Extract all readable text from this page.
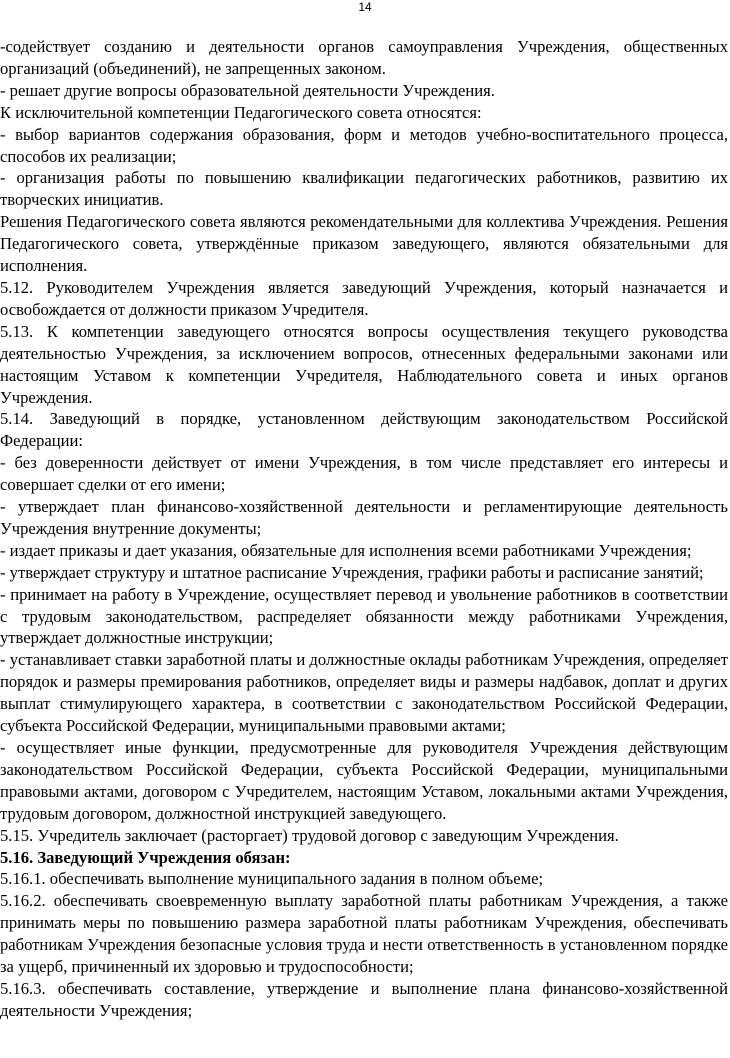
14

-содействует созданию и деятельности органов самоуправления Учреждения, общественных организаций (объединений), не запрещенных законом.

- решает другие вопросы образовательной деятельности Учреждения.

К исключительной компетенции Педагогического совета относятся:

- выбор вариантов содержания образования, форм и методов учебно-воспитательного процесса, способов их реализации;

- организация работы по повышению квалификации педагогических работников, развитию их творческих инициатив.

Решения Педагогического совета являются рекомендательными для коллектива Учреждения. Решения Педагогического совета, утверждённые приказом заведующего, являются обязательными для исполнения.

5.12. Руководителем Учреждения является заведующий Учреждения, который назначается и освобождается от должности приказом Учредителя.

5.13. К компетенции заведующего относятся вопросы осуществления текущего руководства деятельностью Учреждения, за исключением вопросов, отнесенных федеральными законами или настоящим Уставом к компетенции Учредителя, Наблюдательного совета и иных органов Учреждения.

5.14. Заведующий в порядке, установленном действующим законодательством Российской Федерации:

- без доверенности действует от имени Учреждения, в том числе представляет его интересы и совершает сделки от его имени;

- утверждает план финансово-хозяйственной деятельности и регламентирующие деятельность Учреждения внутренние документы;

- издает приказы и дает указания, обязательные для исполнения всеми работниками Учреждения;

- утверждает структуру и штатное расписание Учреждения, графики работы и расписание занятий;

- принимает на работу в Учреждение, осуществляет перевод и увольнение работников в соответствии с трудовым законодательством, распределяет обязанности между работниками Учреждения, утверждает должностные инструкции;

- устанавливает ставки заработной платы и должностные оклады работникам Учреждения, определяет порядок и размеры премирования работников, определяет виды и размеры надбавок, доплат и других выплат стимулирующего характера, в соответствии с законодательством Российской Федерации, субъекта Российской Федерации, муниципальными правовыми актами;

- осуществляет иные функции, предусмотренные для руководителя Учреждения действующим законодательством Российской Федерации, субъекта Российской Федерации, муниципальными правовыми актами, договором с Учредителем, настоящим Уставом, локальными актами Учреждения, трудовым договором, должностной инструкцией заведующего.

5.15. Учредитель заключает (расторгает) трудовой договор с заведующим Учреждения.

5.16. Заведующий Учреждения обязан:

5.16.1. обеспечивать выполнение муниципального задания в полном объеме;

5.16.2. обеспечивать своевременную выплату заработной платы работникам Учреждения, а также принимать меры по повышению размера заработной платы работникам Учреждения, обеспечивать работникам Учреждения безопасные условия труда и нести ответственность в установленном порядке за ущерб, причиненный их здоровью и трудоспособности;

5.16.3. обеспечивать составление, утверждение и выполнение плана финансово-хозяйственной деятельности Учреждения;
